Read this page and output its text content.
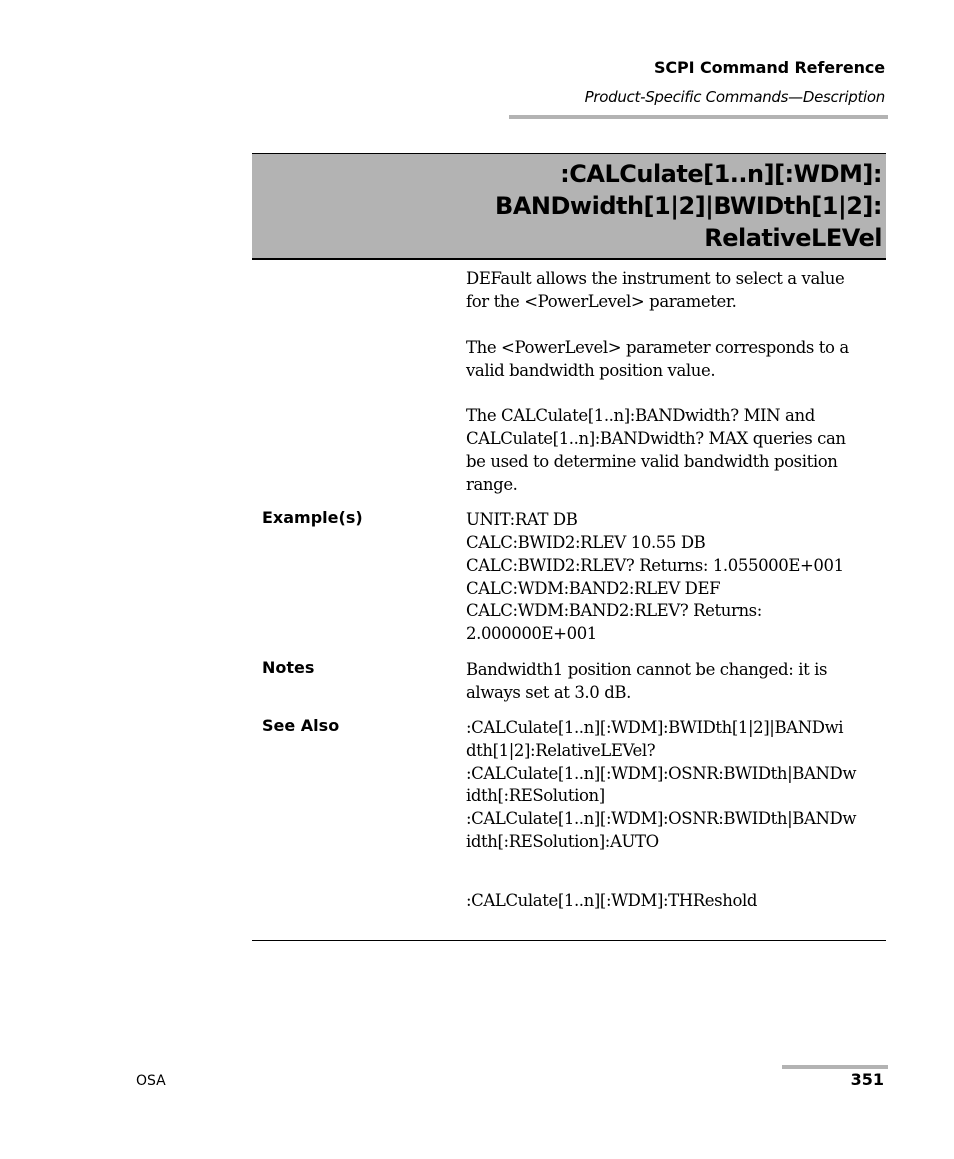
SCPI Command Reference
Product-Specific Commands—Description
:CALCulate[1..n][:WDM]:
BANDwidth[1|2]|BWIDth[1|2]:
RelativeLEVel
DEFault allows the instrument to select a value
for the <PowerLevel> parameter.
The <PowerLevel> parameter corresponds to a
valid bandwidth position value.
The CALCulate[1..n]:BANDwidth? MIN and
CALCulate[1..n]:BANDwidth? MAX queries can
be used to determine valid bandwidth position
range.
Example(s)	UNIT:RAT DB
CALC:BWID2:RLEV 10.55 DB
CALC:BWID2:RLEV? Returns: 1.055000E+001
CALC:WDM:BAND2:RLEV DEF
CALC:WDM:BAND2:RLEV? Returns:
2.000000E+001
Notes	Bandwidth1 position cannot be changed: it is
always set at 3.0 dB.
See Also	:CALCulate[1..n][:WDM]:BWIDth[1|2]|BANDwi
dth[1|2]:RelativeLEVel?
:CALCulate[1..n][:WDM]:OSNR:BWIDth|BANDw
idth[:RESolution]
:CALCulate[1..n][:WDM]:OSNR:BWIDth|BANDw
idth[:RESolution]:AUTO
:CALCulate[1..n][:WDM]:THReshold
OSA	351
